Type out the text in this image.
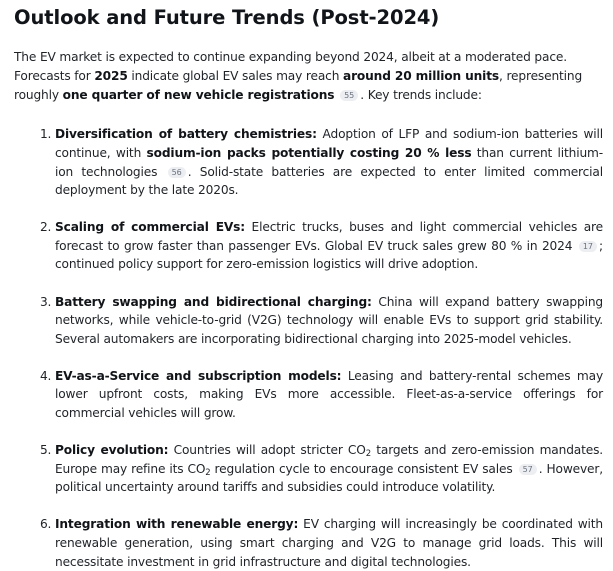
Outlook and Future Trends (Post-2024)

The EV market is expected to continue expanding beyond 2024, albeit at a moderated pace. Forecasts for 2025 indicate global EV sales may reach around 20 million units, representing roughly one quarter of new vehicle registrations 55 . Key trends include:

1. Diversification of battery chemistries: Adoption of LFP and sodium-ion batteries will continue, with sodium-ion packs potentially costing 20 % less than current lithium-ion technologies 56 . Solid-state batteries are expected to enter limited commercial deployment by the late 2020s.
2. Scaling of commercial EVs: Electric trucks, buses and light commercial vehicles are forecast to grow faster than passenger EVs. Global EV truck sales grew 80 % in 2024 17 ; continued policy support for zero-emission logistics will drive adoption.
3. Battery swapping and bidirectional charging: China will expand battery swapping networks, while vehicle-to-grid (V2G) technology will enable EVs to support grid stability. Several automakers are incorporating bidirectional charging into 2025-model vehicles.
4. EV-as-a-Service and subscription models: Leasing and battery-rental schemes may lower upfront costs, making EVs more accessible. Fleet-as-a-service offerings for commercial vehicles will grow.
5. Policy evolution: Countries will adopt stricter $CO_2$ targets and zero-emission mandates. Europe may refine its $CO_2$ regulation cycle to encourage consistent EV sales 57 . However, political uncertainty around tariffs and subsidies could introduce volatility.
6. Integration with renewable energy: EV charging will increasingly be coordinated with renewable generation, using smart charging and V2G to manage grid loads. This will necessitate investment in grid infrastructure and digital technologies.
